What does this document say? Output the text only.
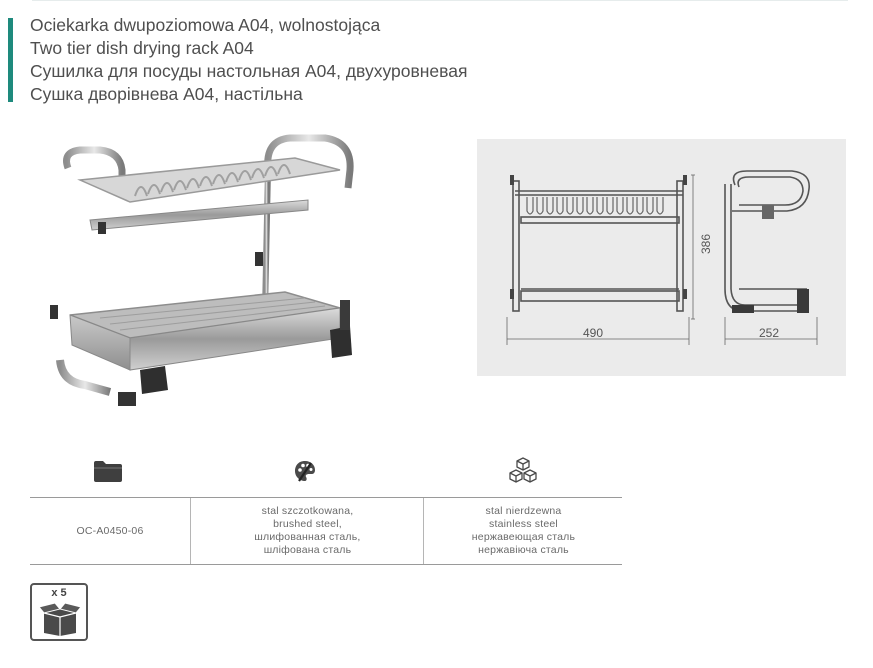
Ociekarka dwupoziomowa A04, wolnostojąca
Two tier dish drying rack A04
Сушилка для посуды настольная A04, двухуровневая
Сушка дворівнева A04, настільна
490
386
252
OC-A0450-06
stal szczotkowana,
brushed steel,
шлифованная сталь,
шліфована сталь
stal nierdzewna
stainless steel
нержавеющая сталь
нержавіюча сталь
x 5
